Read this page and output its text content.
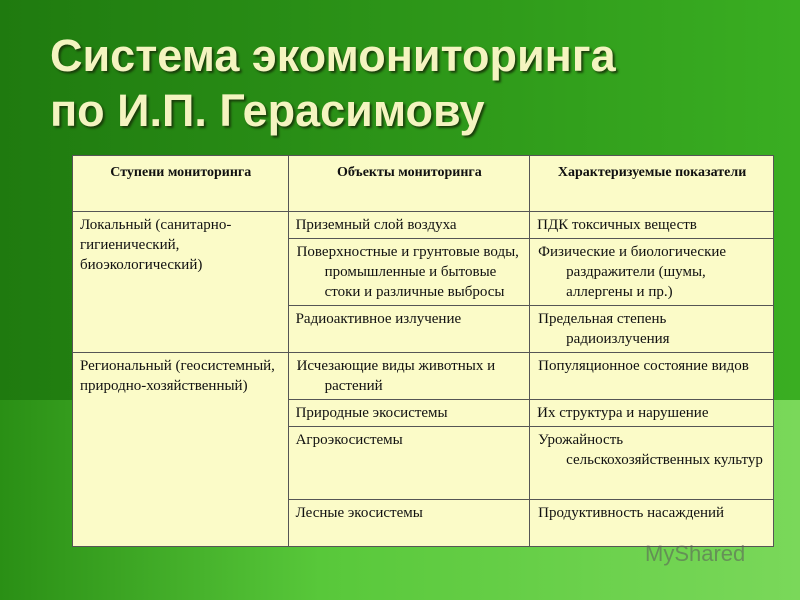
Система экомониторинга
по И.П. Герасимову
Ступени мониторинга	Объекты мониторинга	Характеризуемые показатели
Локальный (санитарно-гигиенический, биоэкологический)	Приземный слой воздуха	ПДК токсичных веществ
	Поверхностные и грунтовые воды, промышленные и бытовые стоки и различные выбросы	Физические и биологические раздражители (шумы, аллергены и пр.)
	Радиоактивное излучение	Предельная степень радиоизлучения
Региональный (геосистемный, природно-хозяйственный)	Исчезающие виды животных и растений	Популяционное состояние видов
	Природные экосистемы	Их структура и нарушение
	Агроэкосистемы	Урожайность сельскохозяйственных культур
	Лесные экосистемы	Продуктивность насаждений
MyShared
